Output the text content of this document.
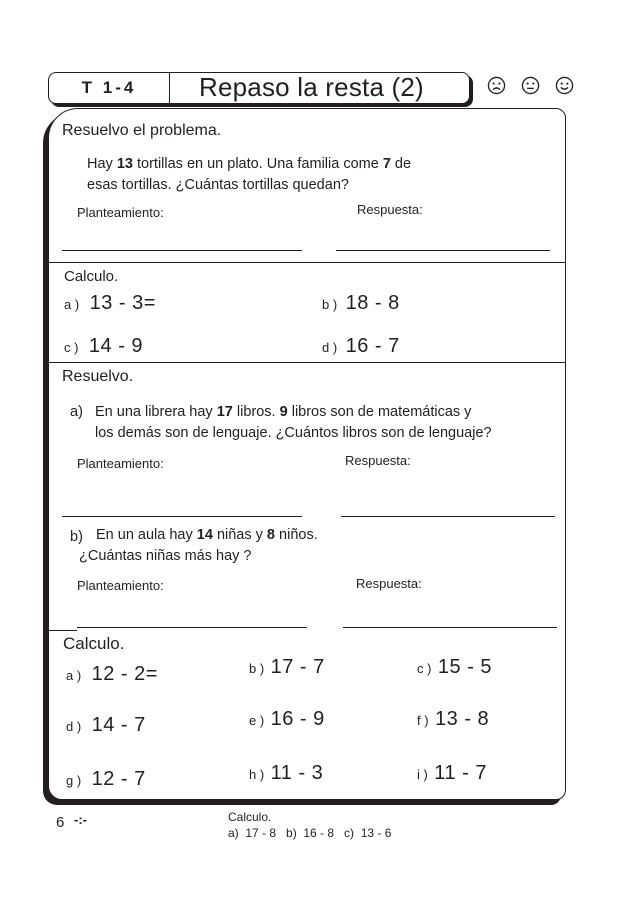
T 1-4	Repaso la resta (2)
Resuelvo el problema.
Hay 13 tortillas en un plato. Una familia come 7 de
esas tortillas. ¿Cuántas tortillas quedan?
Planteamiento:	Respuesta:
Calculo.
a ) 13 - 3=	b ) 18 - 8
c ) 14 - 9	d ) 16 - 7
Resuelvo.
a) En una librera hay 17 libros. 9 libros son de matemáticas y
los demás son de lenguaje. ¿Cuántos libros son de lenguaje?
Planteamiento:	Respuesta:
b) En un aula hay 14 niñas y 8 niños.
¿Cuántas niñas más hay ?
Planteamiento:	Respuesta:
Calculo.
a ) 12 - 2=	b ) 17 - 7	c ) 15 - 5
d ) 14 - 7	e ) 16 - 9	f ) 13 - 8
g ) 12 - 7	h ) 11 - 3	i ) 11 - 7
6 -:-	Calculo.
a)  17 - 8   b)  16 - 8   c)  13 - 6
